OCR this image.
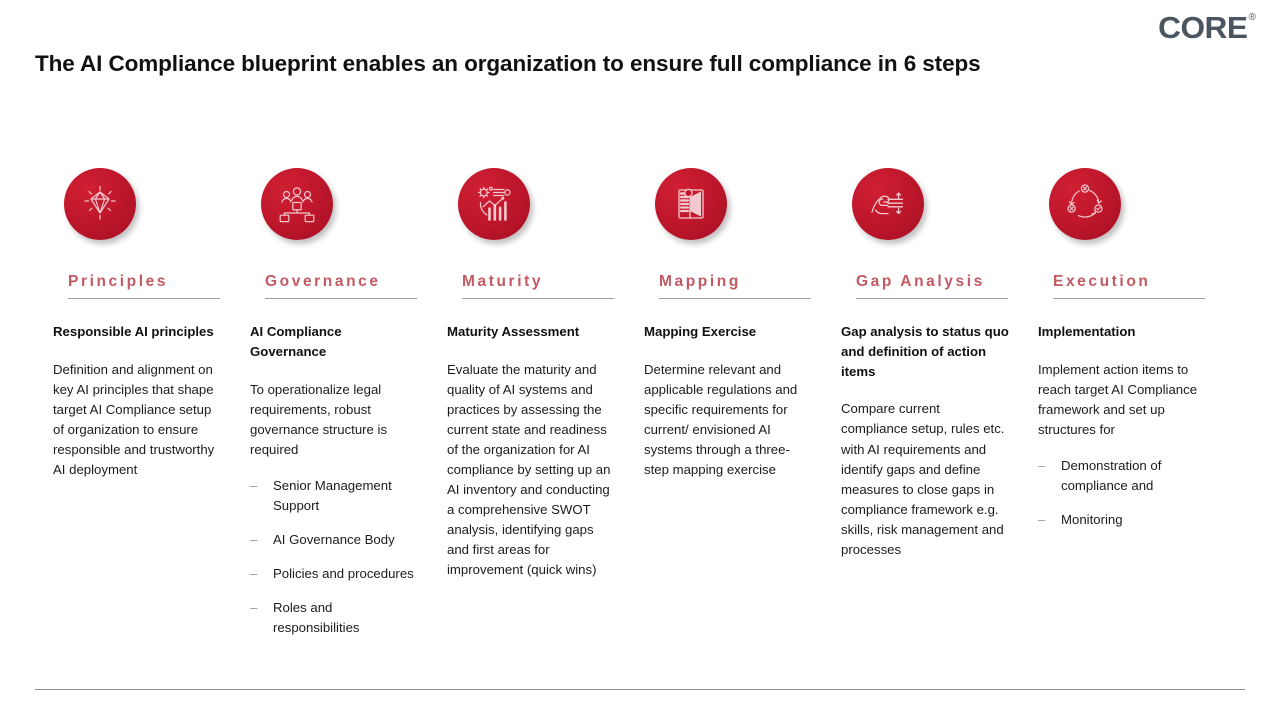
CORE ®
The AI Compliance blueprint enables an organization to ensure full compliance in 6 steps
Principles
Responsible AI principles
Definition and alignment on key AI principles that shape target AI Compliance setup of organization to ensure responsible and trustworthy AI deployment
Governance
AI Compliance Governance
To operationalize legal requirements, robust governance structure is required
– Senior Management Support
– AI Governance Body
– Policies and procedures
– Roles and responsibilities
Maturity
Maturity Assessment
Evaluate the maturity and quality of AI systems and practices by assessing the current state and readiness of the organization for AI compliance by setting up an AI inventory and conducting a comprehensive SWOT analysis, identifying gaps and first areas for improvement (quick wins)
Mapping
Mapping Exercise
Determine relevant and applicable regulations and specific requirements for current/ envisioned AI systems through a three-step mapping exercise
Gap Analysis
Gap analysis to status quo and definition of action items
Compare current compliance setup, rules etc. with AI requirements and identify gaps and define measures to close gaps in compliance framework e.g. skills, risk management and processes
Execution
Implementation
Implement action items to reach target AI Compliance framework and set up structures for
– Demonstration of compliance and
– Monitoring
